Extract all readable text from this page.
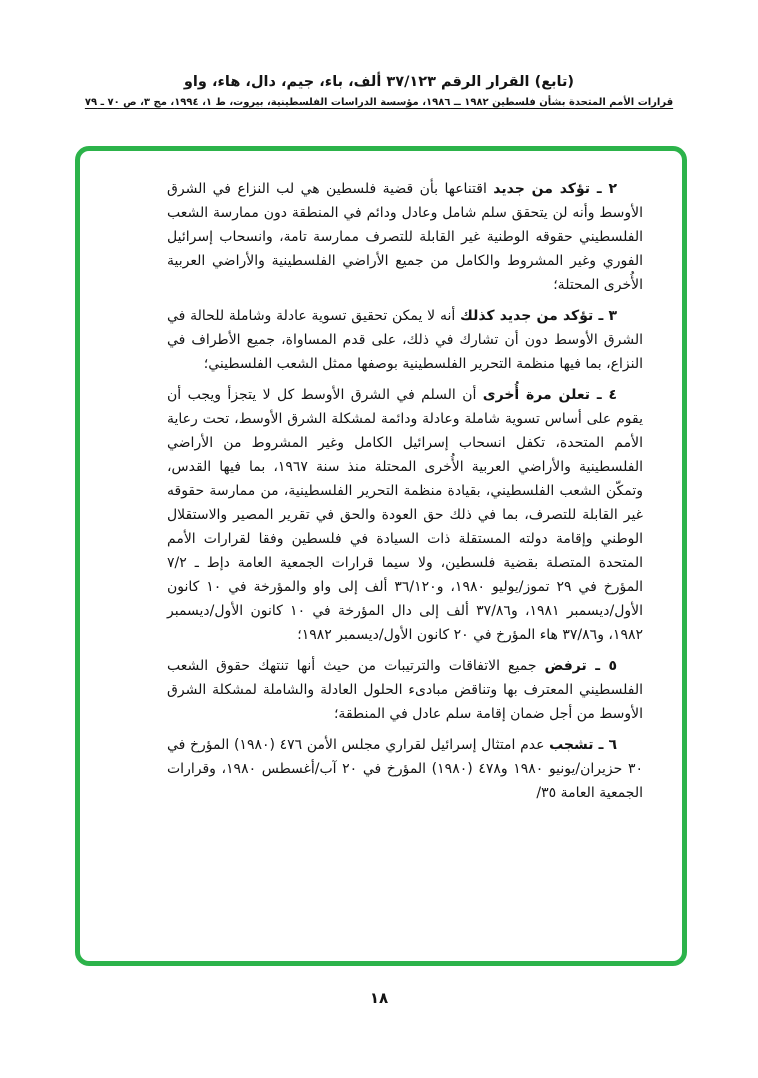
(تابع) القرار الرقم ٣٧/١٢٣ ألف، باء، جيم، دال، هاء، واو
قرارات الأمم المتحدة بشأن فلسطين ١٩٨٢ ــ ١٩٨٦، مؤسسة الدراسات الفلسطينية، بيروت، ط ١، ١٩٩٤، مج ٣، ص ٧٠ ـ ٧٩

٢ ـ تؤكد من جديد اقتناعها بأن قضية فلسطين هي لب النزاع في الشرق الأوسط وأنه لن يتحقق سلم شامل وعادل ودائم في المنطقة دون ممارسة الشعب الفلسطيني حقوقه الوطنية غير القابلة للتصرف ممارسة تامة، وانسحاب إسرائيل الفوري وغير المشروط والكامل من جميع الأراضي الفلسطينية والأراضي العربية الأُخرى المحتلة؛

٣ ـ تؤكد من جديد كذلك أنه لا يمكن تحقيق تسوية عادلة وشاملة للحالة في الشرق الأوسط دون أن تشارك في ذلك، على قدم المساواة، جميع الأطراف في النزاع، بما فيها منظمة التحرير الفلسطينية بوصفها ممثل الشعب الفلسطيني؛

٤ ـ تعلن مرة أُخرى أن السلم في الشرق الأوسط كل لا يتجزأ ويجب أن يقوم على أساس تسوية شاملة وعادلة ودائمة لمشكلة الشرق الأوسط، تحت رعاية الأمم المتحدة، تكفل انسحاب إسرائيل الكامل وغير المشروط من الأراضي الفلسطينية والأراضي العربية الأُخرى المحتلة منذ سنة ١٩٦٧، بما فيها القدس، وتمكّن الشعب الفلسطيني، بقيادة منظمة التحرير الفلسطينية، من ممارسة حقوقه غير القابلة للتصرف، بما في ذلك حق العودة والحق في تقرير المصير والاستقلال الوطني وإقامة دولته المستقلة ذات السيادة في فلسطين وفقا لقرارات الأمم المتحدة المتصلة بقضية فلسطين، ولا سيما قرارات الجمعية العامة دإط ـ ٧/٢ المؤرخ في ٢٩ تموز/يوليو ١٩٨٠، و٣٦/١٢٠ ألف إلى واو والمؤرخة في ١٠ كانون الأول/ديسمبر ١٩٨١، و٣٧/٨٦ ألف إلى دال المؤرخة في ١٠ كانون الأول/ديسمبر ١٩٨٢، و٣٧/٨٦ هاء المؤرخ في ٢٠ كانون الأول/ديسمبر ١٩٨٢؛

٥ ـ ترفض جميع الاتفاقات والترتيبات من حيث أنها تنتهك حقوق الشعب الفلسطيني المعترف بها وتناقض مبادىء الحلول العادلة والشاملة لمشكلة الشرق الأوسط من أجل ضمان إقامة سلم عادل في المنطقة؛

٦ ـ تشجب عدم امتثال إسرائيل لقراري مجلس الأمن ٤٧٦ (١٩٨٠) المؤرخ في ٣٠ حزيران/يونيو ١٩٨٠ و٤٧٨ (١٩٨٠) المؤرخ في ٢٠ آب/أغسطس ١٩٨٠، وقرارات الجمعية العامة ٣٥/

١٨
